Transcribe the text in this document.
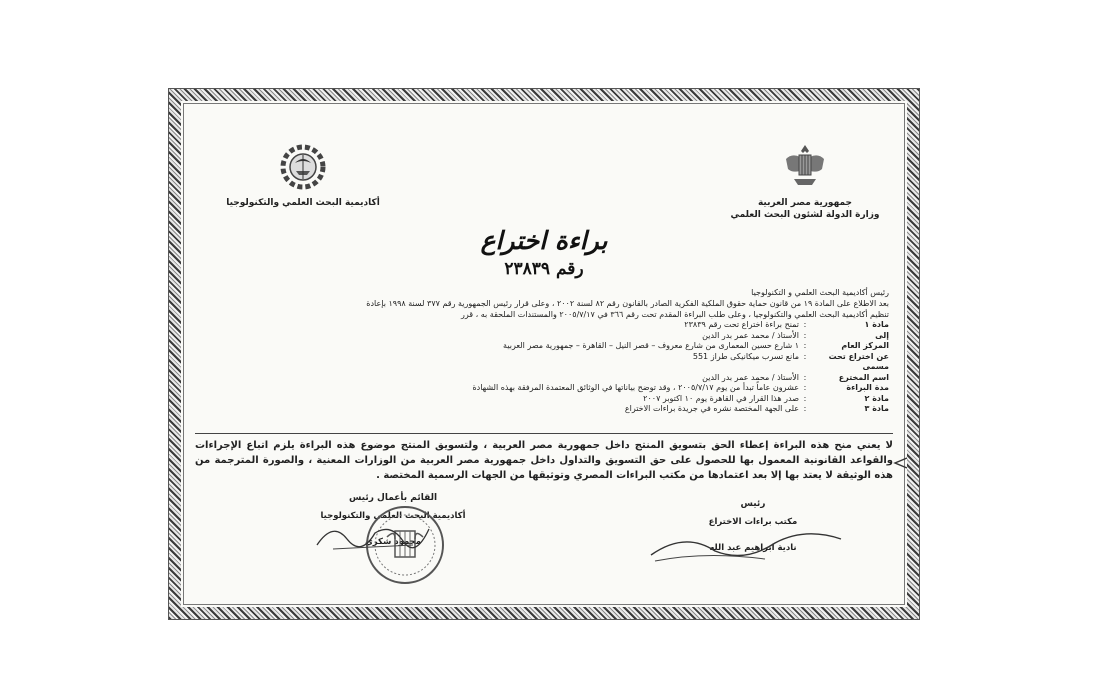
جمهورية مصر العربية
وزارة الدولة لشئون البحث العلمي
أكاديمية البحث العلمي والتكنولوجيا
براءة اختراع
رقم ٢٣٨٣٩

رئيس أكاديمية البحث العلمي و التكنولوجيا

بعد الاطلاع على المادة ١٩ من قانون حماية حقوق الملكية الفكرية الصادر بالقانون رقم ٨٢ لسنة ٢٠٠٢ ، وعلى قرار رئيس الجمهورية رقم ٣٧٧ لسنة ١٩٩٨ بإعادة

تنظيم أكاديمية البحث العلمي والتكنولوجيا ، وعلى طلب البراءة المقدم تحت رقم ٣٦٦ في ٢٠٠٥/٧/١٧ والمستندات الملحقة به ، قرر

مادة ١
:
تمنح براءة اختراع تحت رقم ٢٣٨٣٩
إلى
:
الأستاذ / محمد عمر بدر الدين
المركز العام
:
١ شارع حسين المعمارى من شارع معروف – قصر النيل – القاهرة – جمهورية مصر العربية
عن اختراع تحت مسمى
:
مانع تسرب ميكانيكى طراز 551
اسم المخترع
:
الأستاذ / محمد عمر بدر الدين
مدة البراءة
:
عشرون عاماً تبدأ من يوم ٢٠٠٥/٧/١٧ ، وقد توضح بياناتها في الوثائق المعتمدة المرفقة بهذه الشهادة
مادة ٢
:
صدر هذا القرار في القاهرة يوم ١٠ اكتوبر ٢٠٠٧
مادة ٣
:
على الجهة المختصة نشره في جريدة براءات الاختراع
لا يعني منح هذه البراءة إعطاء الحق بتسويق المنتج داخل جمهورية مصر العربية ، ولتسويق المنتج موضوع هذه البراءة يلزم اتباع الإجراءات والقواعد القانونية المعمول بها للحصول على حق التسويق والتداول داخل جمهورية مصر العربية من الوزارات المعنية ، والصورة المترجمة من هذه الوثيقة لا يعتد بها إلا بعد اعتمادها من مكتب البراءات المصري وتوثيقها من الجهات الرسمية المختصة .
القائم بأعمال رئيس
أكاديمية البحث العلمي والتكنولوجيا
محمود شكري
رئيس
مكتب براءات الاختراع
نادية ابراهيم عبد الله
